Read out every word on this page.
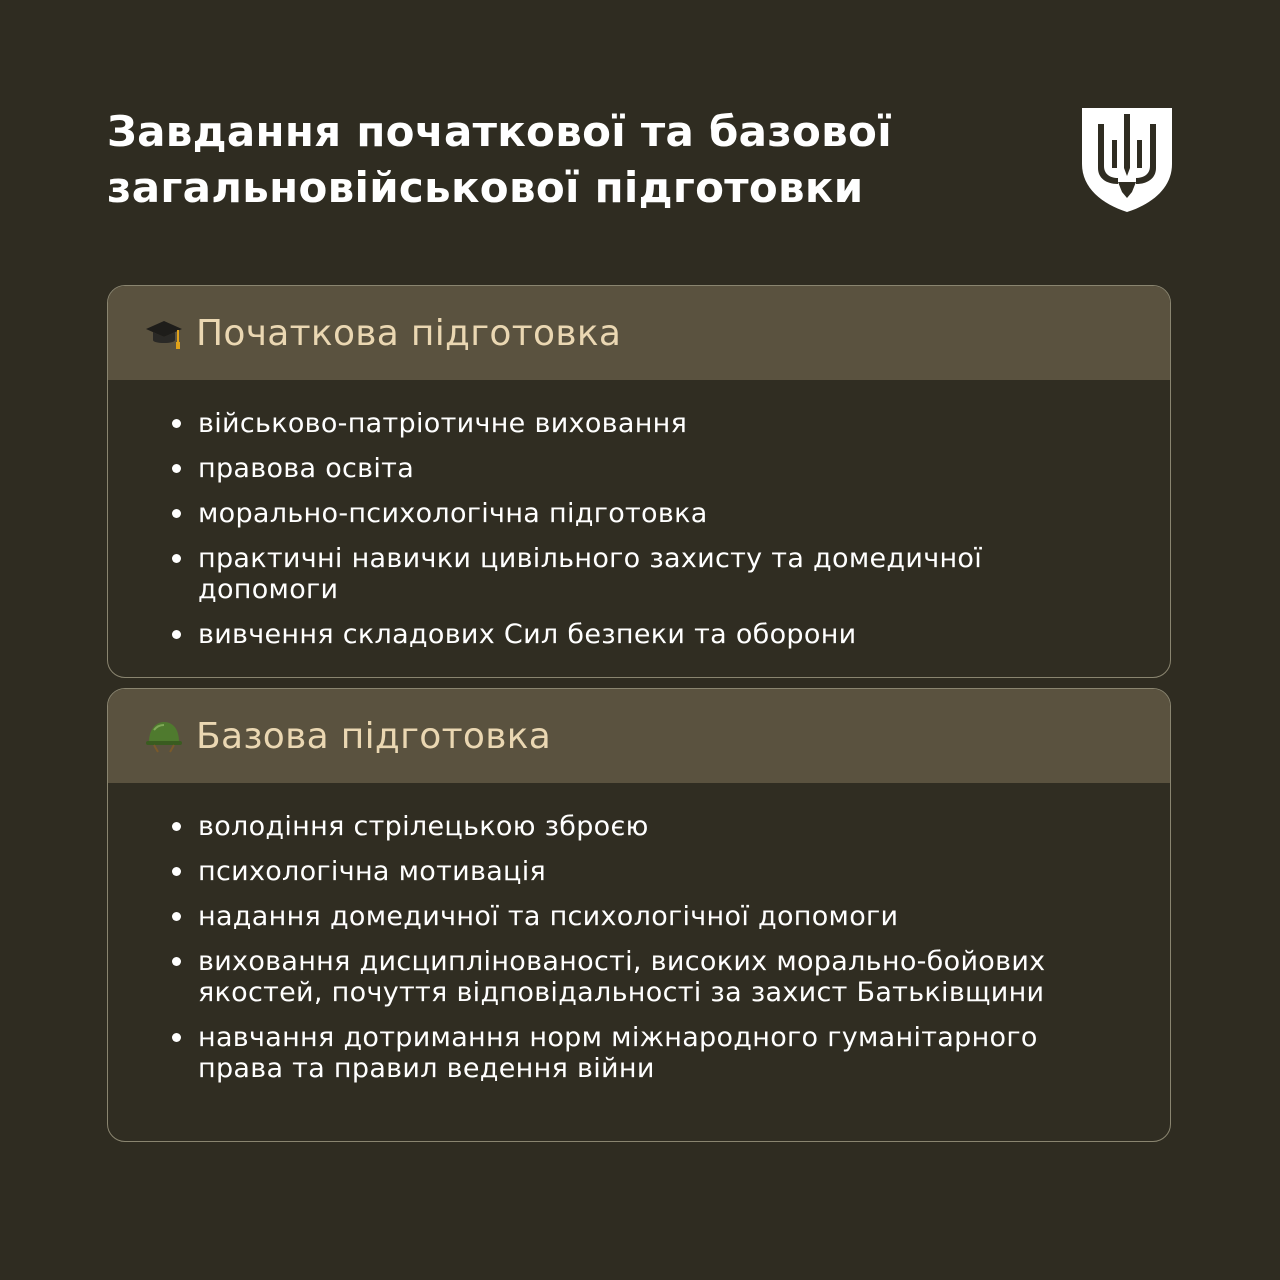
Завдання початкової та базової
загальновійськової підготовки
Початкова підготовка
військово-патріотичне виховання
правова освіта
морально-психологічна підготовка
практичні навички цивільного захисту та домедичної допомоги
вивчення складових Сил безпеки та оборони
Базова підготовка
володіння стрілецькою зброєю
психологічна мотивація
надання домедичної та психологічної допомоги
виховання дисциплінованості, високих морально-бойових якостей, почуття відповідальності за захист Батьківщини
навчання дотримання норм міжнародного гуманітарного права та правил ведення війни
